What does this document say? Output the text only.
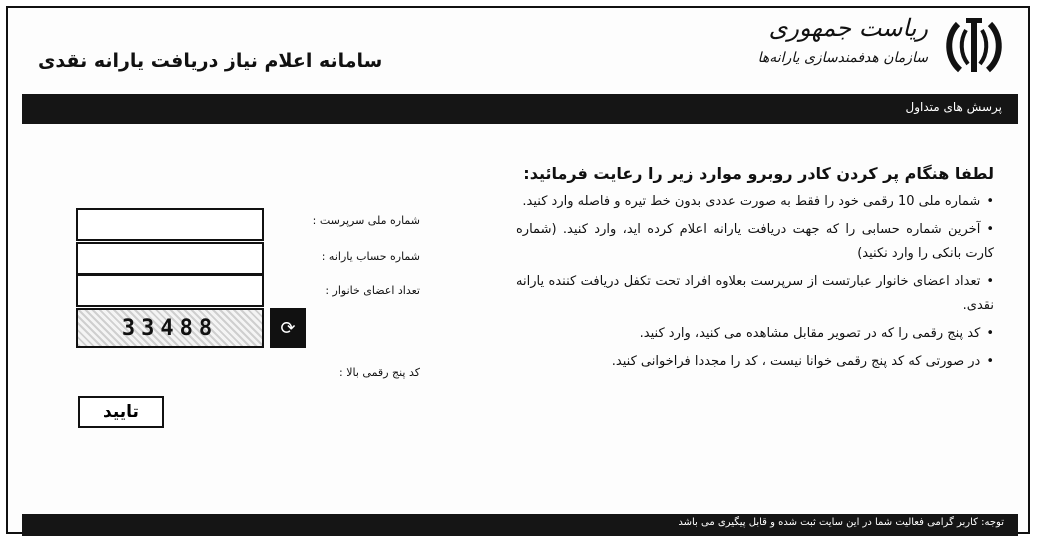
ریاست جمهوری
سازمان هدفمندسازی یارانه‌ها
سامانه اعلام نیاز دریافت یارانه نقدی
پرسش های متداول
لطفا هنگام پر کردن کادر روبرو موارد زیر را رعایت فرمائید:
• شماره ملی 10 رقمی خود را فقط به صورت عددی بدون خط تیره و فاصله وارد کنید.
• آخرین شماره حسابی را که جهت دریافت یارانه اعلام کرده اید، وارد کنید. (شماره کارت بانکی را وارد نکنید)
• تعداد اعضای خانوار عبارتست از سرپرست بعلاوه افراد تحت تکفل دریافت کننده یارانه نقدی.
• کد پنج رقمی را که در تصویر مقابل مشاهده می کنید، وارد کنید.
• در صورتی که کد پنج رقمی خوانا نیست ، کد را مجددا فراخوانی کنید.
شماره ملی سرپرست :
شماره حساب یارانه :
تعداد اعضای خانوار :
33488	⟳
کد پنج رقمی بالا :
تایید
توجه: کاربر گرامی فعالیت شما در این سایت ثبت شده و قابل پیگیری می باشد
